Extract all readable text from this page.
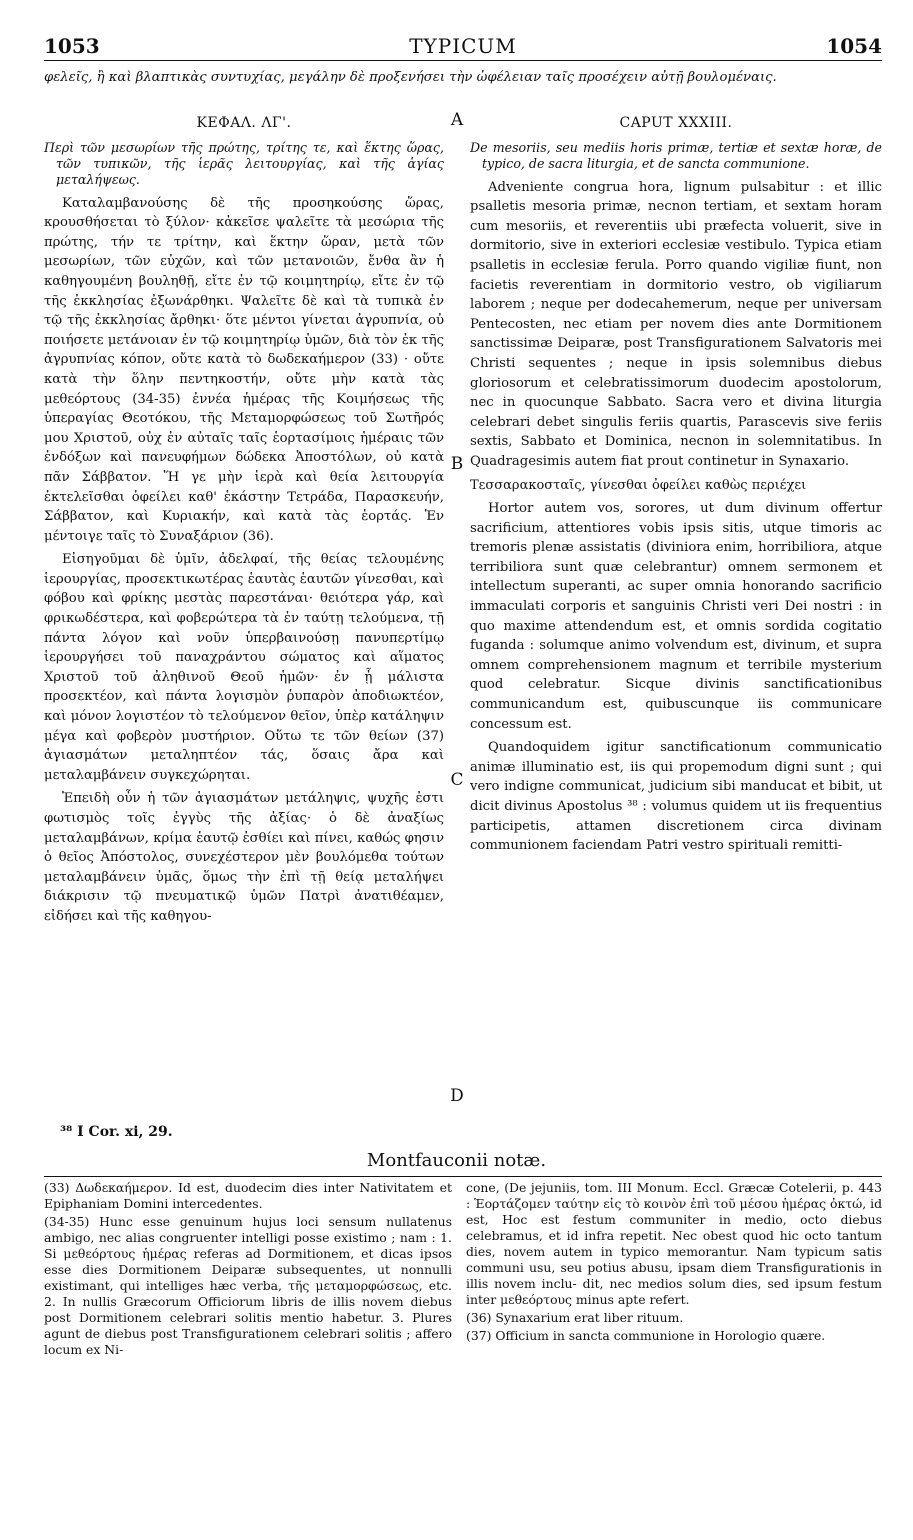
1053	TYPICUM	1054
φελεῖς, ἢ καὶ βλαπτικὰς συντυχίας, μεγάλην δὲ προξενήσει τὴν ὠφέλειαν ταῖς προσέχειν αὐτῇ βουλομέναις.
ΚΕΦΑΛ. ΛΓ'.
Περὶ τῶν μεσωρίων τῆς πρώτης, τρίτης τε, καὶ ἕκτης ὥρας, τῶν τυπικῶν, τῆς ἱερᾶς λειτουργίας, καὶ τῆς ἁγίας μεταλήψεως.

Καταλαμβανούσης δὲ τῆς προσηκούσης ὥρας, κρουσθήσεται τὸ ξύλον· κἀκεῖσε ψαλεῖτε τὰ μεσώρια τῆς πρώτης, τήν τε τρίτην, καὶ ἕκτην ὥραν, μετὰ τῶν μεσωρίων, τῶν εὐχῶν, καὶ τῶν μετανοιῶν, ἔνθα ἂν ἡ καθηγουμένη βουληθῇ, εἴτε ἐν τῷ κοιμητηρίῳ, εἴτε ἐν τῷ τῆς ἐκκλησίας ἐξωνάρθηκι. Ψαλεῖτε δὲ καὶ τὰ τυπικὰ ἐν τῷ τῆς ἐκκλησίας ἄρθηκι· ὅτε μέντοι γίνεται ἀγρυπνία, οὐ ποιήσετε μετάνοιαν ἐν τῷ κοιμητηρίῳ ὑμῶν, διὰ τὸν ἐκ τῆς ἀγρυπνίας κόπον, οὔτε κατὰ τὸ δωδεκαήμερον (33) · οὔτε κατὰ τὴν ὅλην πεντηκοστήν, οὔτε μὴν κατὰ τὰς μεθεόρτους (34-35) ἐννέα ἡμέρας τῆς Κοιμήσεως τῆς ὑπεραγίας Θεοτόκου, τῆς Μεταμορφώσεως τοῦ Σωτῆρός μου Χριστοῦ, οὐχ ἐν αὐταῖς ταῖς ἑορτασίμοις ἡμέραις τῶν ἐνδόξων καὶ πανευφήμων δώδεκα Ἀποστόλων, οὐ κατὰ πᾶν Σάββατον. Ἥ γε μὴν ἱερὰ καὶ θεία λειτουργία ἐκτελεῖσθαι ὀφείλει καθ' ἑκάστην Τετράδα, Παρασκευήν, Σάββατον, καὶ Κυριακήν, καὶ κατὰ τὰς ἑορτάς. Ἐν μέντοιγε ταῖς τὸ Συναξάριον (36).

Εἰσηγοῦμαι δὲ ὑμῖν, ἀδελφαί, τῆς θείας τελουμένης ἱερουργίας, προσεκτικωτέρας ἑαυτὰς ἑαυτῶν γίνεσθαι, καὶ φόβου καὶ φρίκης μεστὰς παρεστάναι· θειότερα γάρ, καὶ φρικωδέστερα, καὶ φοβερώτερα τὰ ἐν ταύτῃ τελούμενα, τῇ πάντα λόγον καὶ νοῦν ὑπερβαινούσῃ πανυπερτίμῳ ἱερουργήσει τοῦ παναχράντου σώματος καὶ αἵματος Χριστοῦ τοῦ ἀληθινοῦ Θεοῦ ἡμῶν· ἐν ᾗ μάλιστα προσεκτέον, καὶ πάντα λογισμὸν ῥυπαρὸν ἀποδιωκτέον, καὶ μόνον λογιστέον τὸ τελούμενον θεῖον, ὑπὲρ κατάληψιν μέγα καὶ φοβερὸν μυστήριον. Οὕτω τε τῶν θείων (37) ἁγιασμάτων μεταληπτέον τάς, ὅσαις ἄρα καὶ μεταλαμβάνειν συγκεχώρηται.

Ἐπειδὴ οὖν ἡ τῶν ἁγιασμάτων μετάληψις, ψυχῆς ἐστι φωτισμὸς τοῖς ἐγγὺς τῆς ἀξίας· ὁ δὲ ἀναξίως μεταλαμβάνων, κρίμα ἑαυτῷ ἐσθίει καὶ πίνει, καθώς φησιν ὁ θεῖος Ἀπόστολος, συνεχέστερον μὲν βουλόμεθα τούτων μεταλαμβάνειν ὑμᾶς, ὅμως τὴν ἐπὶ τῇ θείᾳ μεταλήψει διάκρισιν τῷ πνευματικῷ ὑμῶν Πατρὶ ἀνατιθέαμεν, εἰδήσει καὶ τῆς καθηγου-

CAPUT XXXIII.
De mesoriis, seu mediis horis primæ, tertiæ et sextæ horæ, de typico, de sacra liturgia, et de sancta communione.

Adveniente congrua hora, lignum pulsabitur : et illic psalletis mesoria primæ, necnon tertiam, et sextam horam cum mesoriis, et reverentiis ubi præfecta voluerit, sive in dormitorio, sive in exteriori ecclesiæ vestibulo. Typica etiam psalletis in ecclesiæ ferula. Porro quando vigiliæ fiunt, non facietis reverentiam in dormitorio vestro, ob vigiliarum laborem ; neque per dodecahemerum, neque per universam Pentecosten, nec etiam per novem dies ante Dormitionem sanctissimæ Deiparæ, post Transfigurationem Salvatoris mei Christi sequentes ; neque in ipsis solemnibus diebus gloriosorum et celebratissimorum duodecim apostolorum, nec in quocunque Sabbato. Sacra vero et divina liturgia celebrari debet singulis feriis quartis, Parascevis sive feriis sextis, Sabbato et Dominica, necnon in solemnitatibus. In Quadragesimis autem fiat prout continetur in Synaxario.

Τεσσαρακοσταῖς, γίνεσθαι ὀφείλει καθὼς περιέχει

Hortor autem vos, sorores, ut dum divinum offertur sacrificium, attentiores vobis ipsis sitis, utque timoris ac tremoris plenæ assistatis (diviniora enim, horribiliora, atque terribiliora sunt quæ celebrantur) omnem sermonem et intellectum superanti, ac super omnia honorando sacrificio immaculati corporis et sanguinis Christi veri Dei nostri : in quo maxime attendendum est, et omnis sordida cogitatio fuganda : solumque animo volvendum est, divinum, et supra omnem comprehensionem magnum et terribile mysterium quod celebratur. Sicque divinis sanctificationibus communicandum est, quibuscunque iis communicare concessum est.

Quandoquidem igitur sanctificationum communicatio animæ illuminatio est, iis qui propemodum digni sunt ; qui vero indigne communicat, judicium sibi manducat et bibit, ut dicit divinus Apostolus ³⁸ : volumus quidem ut iis frequentius participetis, attamen discretionem circa divinam communionem faciendam Patri vestro spirituali remitti-

A
B
C
D
³⁸ I Cor. xi, 29.
Montfauconii notæ.

(33) Δωδεκαήμερον. Id est, duodecim dies inter Nativitatem et Epiphaniam Domini intercedentes.

(34-35) Hunc esse genuinum hujus loci sensum nullatenus ambigo, nec alias congruenter intelligi posse existimo ; nam : 1. Si μεθεόρτους ἡμέρας referas ad Dormitionem, et dicas ipsos esse dies Dormitionem Deiparæ subsequentes, ut nonnulli existimant, qui intelliges hæc verba, τῆς μεταμορφώσεως, etc. 2. In nullis Græcorum Officiorum libris de illis novem diebus post Dormitionem celebrari solitis mentio habetur. 3. Plures agunt de diebus post Transfigurationem celebrari solitis ; affero locum ex Ni-

cone, (De jejuniis, tom. III Monum. Eccl. Græcæ Cotelerii, p. 443 : Ἑορτάζομεν ταύτην εἰς τὸ κοινὸν ἐπὶ τοῦ μέσου ἡμέρας ὀκτώ, id est, Hoc est festum communiter in medio, octo diebus celebramus, et id infra repetit. Nec obest quod hic octo tantum dies, novem autem in typico memorantur. Nam typicum satis communi usu, seu potius abusu, ipsam diem Transfigurationis in illis novem inclu- dit, nec medios solum dies, sed ipsum festum inter μεθεόρτους minus apte refert.

(36) Synaxarium erat liber rituum.

(37) Officium in sancta communione in Horologio quære.
